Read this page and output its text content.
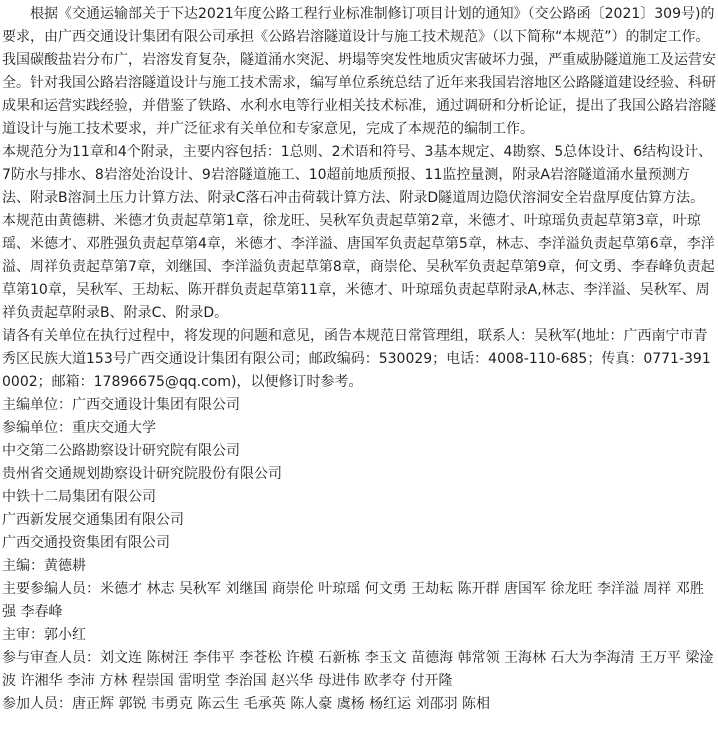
根据《交通运输部关于下达2021年度公路工程行业标准制修订项目计划的通知》（交公路函〔2021〕309号)的要求，由广西交通设计集团有限公司承担《公路岩溶隧道设计与施工技术规范》（以下简称“本规范”）的制定工作。

我国碳酸盐岩分布广，岩溶发育复杂，隧道涌水突泥、坍塌等突发性地质灾害破坏力强，严重威胁隧道施工及运营安全。针对我国公路岩溶隧道设计与施工技术需求，编写单位系统总结了近年来我国岩溶地区公路隧道建设经验、科研成果和运营实践经验，并借鉴了铁路、水利水电等行业相关技术标准，通过调研和分析论证，提出了我国公路岩溶隧道设计与施工技术要求，并广泛征求有关单位和专家意见，完成了本规范的编制工作。

本规范分为11章和4个附录，主要内容包括：1总则、2术语和符号、3基本规定、4勘察、5总体设计、6结构设计、7防水与排水、8岩溶处治设计、9岩溶隧道施工、10超前地质预报、11监控量测，附录A岩溶隧道涌水量预测方法、附录B溶洞土压力计算方法、附录C落石冲击荷载计算方法、附录D隧道周边隐伏溶洞安全岩盘厚度估算方法。

本规范由黄德耕、米德才负责起草第1章，徐龙旺、吴秋军负责起草第2章，米德才、叶琼瑶负责起草第3章，叶琼瑶、米德才、邓胜强负责起草第4章，米德才、李洋溢、唐国军负责起草第5章，林志、李洋溢负责起草第6章，李洋溢、周祥负责起草第7章，刘继国、李洋溢负责起草第8章，商崇伦、吴秋军负责起草第9章，何文勇、李春峰负责起草第10章，吴秋军、王劫耘、陈开群负责起草第11章，米德才、叶琼瑶负责起草附录A,林志、李洋溢、吴秋军、周祥负责起草附录B、附录C、附录D。

请各有关单位在执行过程中，将发现的问题和意见，函告本规范日常管理组，联系人：吴秋军(地址：广西南宁市青秀区民族大道153号广西交通设计集团有限公司；邮政编码：530029；电话：4008-110-685；传真：0771-3910002；邮箱：17896675@qq.com)，以便修订时参考。

主编单位：广西交通设计集团有限公司

参编单位：重庆交通大学

中交第二公路勘察设计研究院有限公司

贵州省交通规划勘察设计研究院股份有限公司

中铁十二局集团有限公司

广西新发展交通集团有限公司

广西交通投资集团有限公司

主编：黄德耕

主要参编人员：米德才 林志 吴秋军 刘继国 商崇伦 叶琼瑶 何文勇 王劫耘 陈开群 唐国军 徐龙旺 李洋溢 周祥 邓胜强 李春峰

主审：郭小红

参与审查人员：刘文连 陈树汪 李伟平 李苍松 许模 石新栋 李玉文 苗德海 韩常领 王海林 石大为李海清 王万平 梁淦波 许湘华 李沛 方林 程崇国 雷明堂 李治国 赵兴华 母进伟 欧孝夺 付开隆

参加人员：唐正辉 郭锐 韦勇克 陈云生 毛承英 陈人豪 虞杨 杨红运 刘邵羽 陈相
